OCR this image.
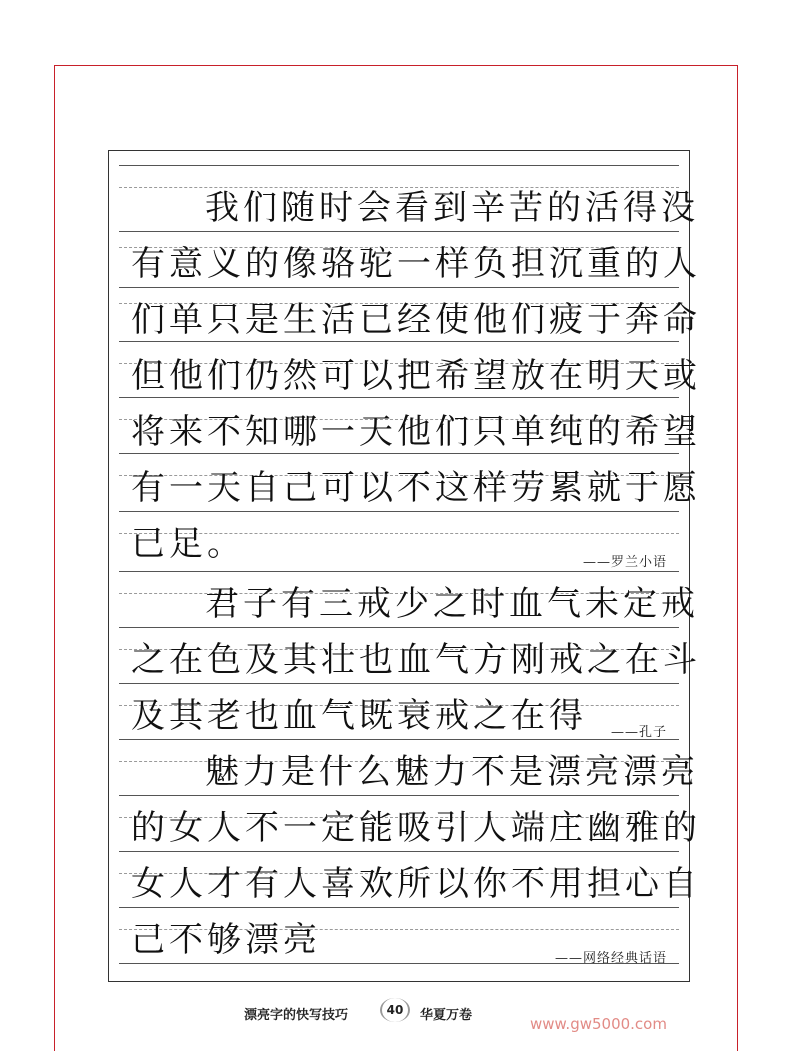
我们随时会看到辛苦的活得没
有意义的像骆驼一样负担沉重的人
们单只是生活已经使他们疲于奔命
但他们仍然可以把希望放在明天或
将来不知哪一天他们只单纯的希望
有一天自己可以不这样劳累就于愿
已足。	——罗兰小语
君子有三戒少之时血气未定戒
之在色及其壮也血气方刚戒之在斗
及其老也血气既衰戒之在得	——孔子
魅力是什么魅力不是漂亮漂亮
的女人不一定能吸引人端庄幽雅的
女人才有人喜欢所以你不用担心自
己不够漂亮	——网络经典话语
漂亮字的快写技巧	40	华夏万卷	www.gw5000.com
